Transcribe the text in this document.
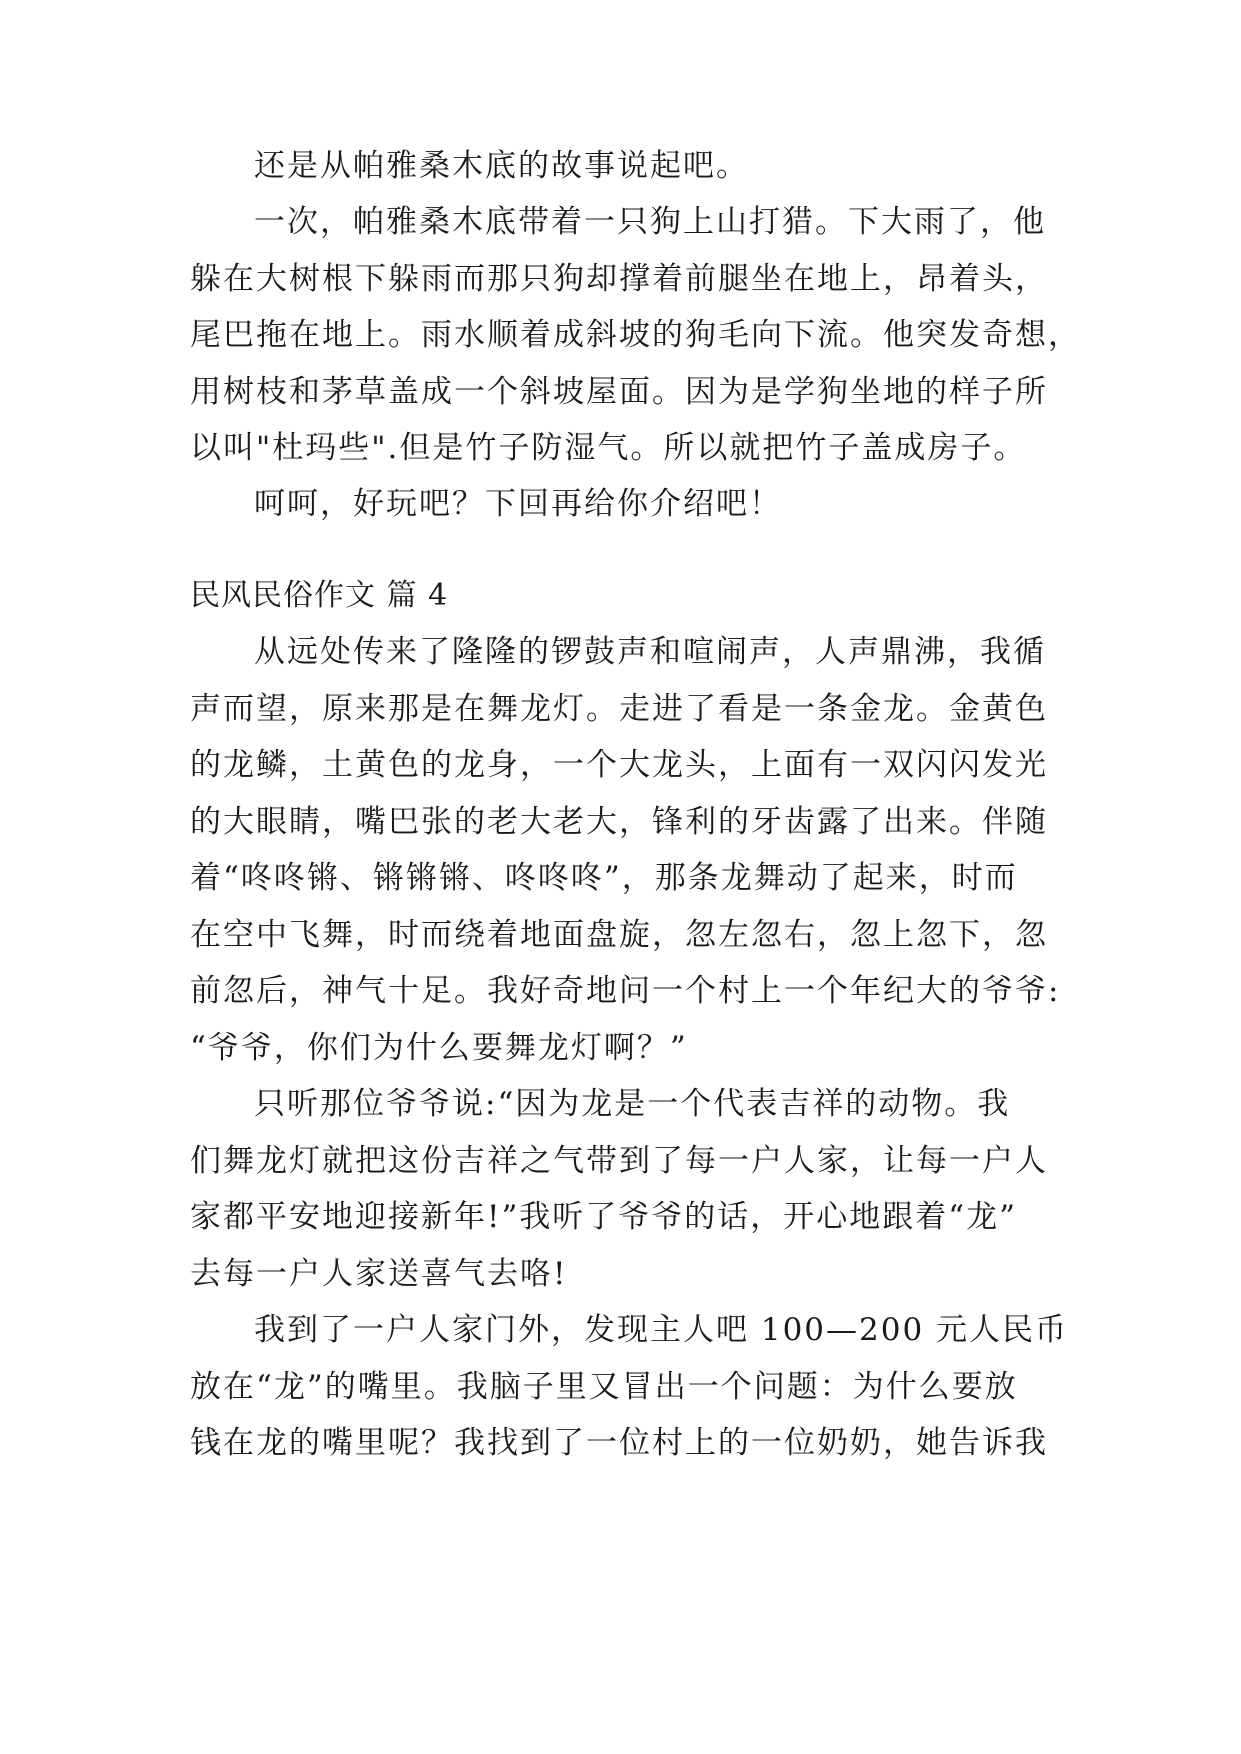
还是从帕雅桑木底的故事说起吧。
一次，帕雅桑木底带着一只狗上山打猎。下大雨了，他
躲在大树根下躲雨而那只狗却撑着前腿坐在地上，昂着头，
尾巴拖在地上。雨水顺着成斜坡的狗毛向下流。他突发奇想，
用树枝和茅草盖成一个斜坡屋面。因为是学狗坐地的样子所
以叫"杜玛些".但是竹子防湿气。所以就把竹子盖成房子。
呵呵，好玩吧？下回再给你介绍吧！
民风民俗作文 篇 4
从远处传来了隆隆的锣鼓声和喧闹声，人声鼎沸，我循
声而望，原来那是在舞龙灯。走进了看是一条金龙。金黄色
的龙鳞，土黄色的龙身，一个大龙头，上面有一双闪闪发光
的大眼睛，嘴巴张的老大老大，锋利的牙齿露了出来。伴随
着“咚咚锵、锵锵锵、咚咚咚”，那条龙舞动了起来，时而
在空中飞舞，时而绕着地面盘旋，忽左忽右，忽上忽下，忽
前忽后，神气十足。我好奇地问一个村上一个年纪大的爷爷:
“爷爷，你们为什么要舞龙灯啊？”
只听那位爷爷说:“因为龙是一个代表吉祥的动物。我
们舞龙灯就把这份吉祥之气带到了每一户人家，让每一户人
家都平安地迎接新年!”我听了爷爷的话，开心地跟着“龙”
去每一户人家送喜气去咯!
我到了一户人家门外，发现主人吧 100—200 元人民币
放在“龙”的嘴里。我脑子里又冒出一个问题：为什么要放
钱在龙的嘴里呢？我找到了一位村上的一位奶奶，她告诉我
